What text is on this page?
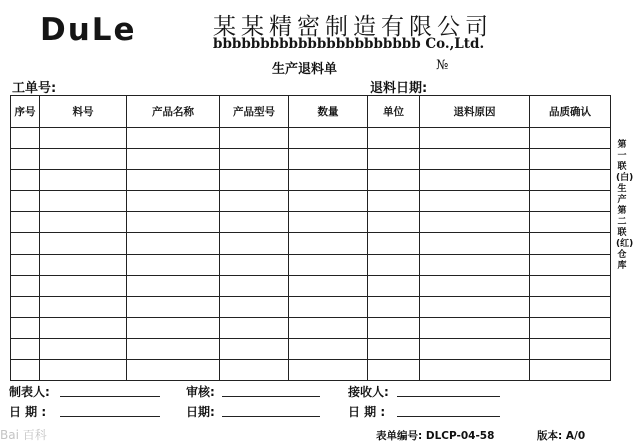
DuLe	某某精密制造有限公司
bbbbbbbbbbbbbbbbbbbbbb Co.,Ltd.
生产退料单	№
工单号:	退料日期:
序号	料号	产品名称	产品型号	数量	单位	退料原因	品质确认

第一联(白)生产 第二联(红)仓库
制表人:	审核:	接收人:
日 期 :	日期:	日 期 :
表单编号: DLCP-04-58	版本: A/0
Bai 百科
